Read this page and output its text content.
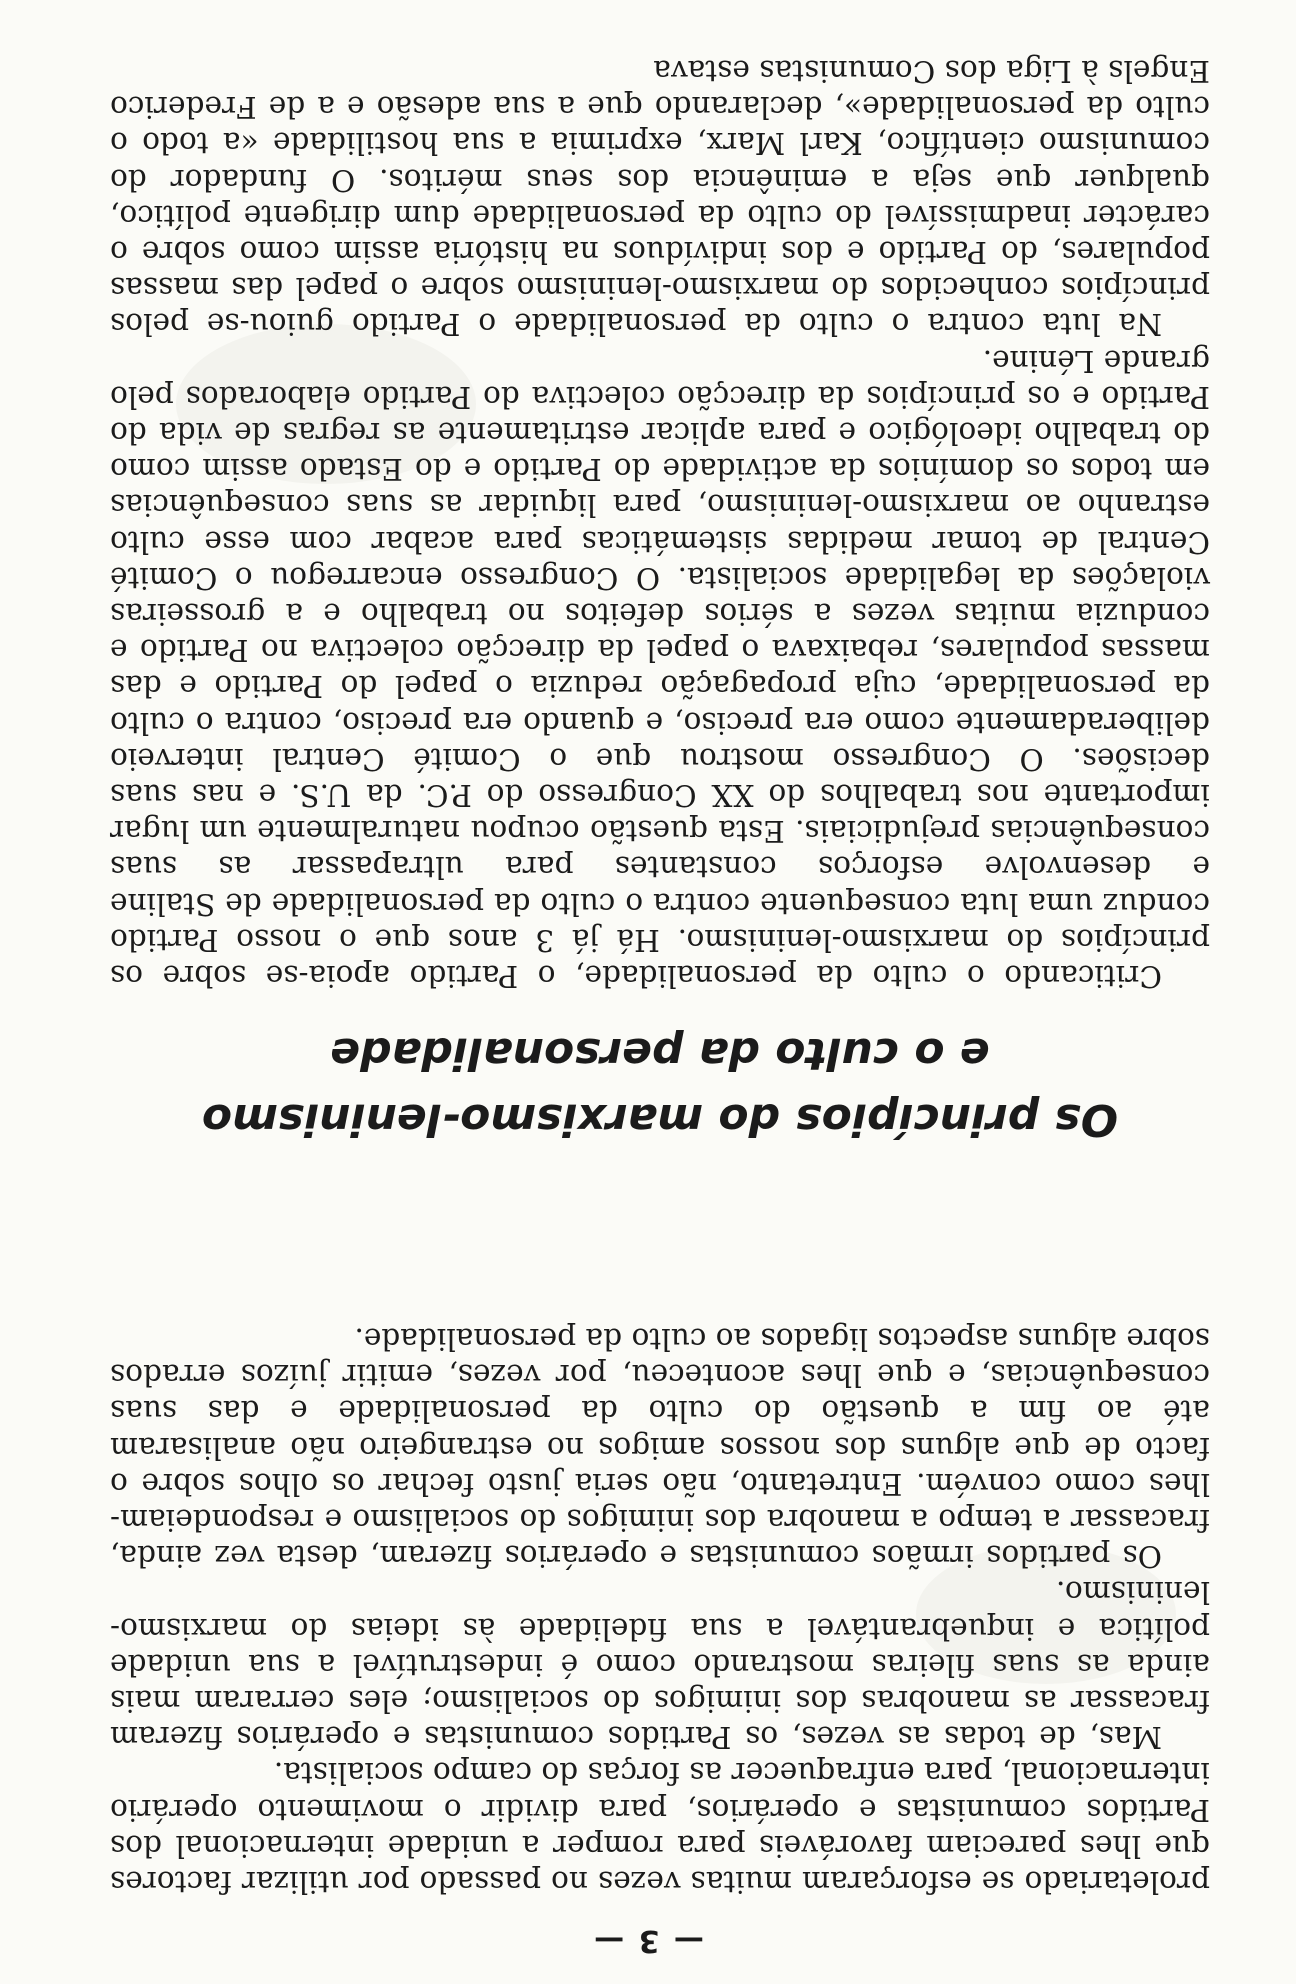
— 3 —

proletariado se esforçaram muitas vezes no passado por utilizar factores que lhes pareciam favoráveis para romper a unidade internacional dos Partidos comunistas e operários, para dividir o movimento operário internacional, para enfraquecer as forças do campo socialista.

Mas, de todas as vezes, os Partidos comunistas e operários fizeram fracassar as manobras dos inimigos do socialismo; eles cerraram mais ainda as suas fileiras mostrando como é indestrutível a sua unidade política e inquebrantável a sua fidelidade às ideias do marxismo-leninismo.

Os partidos irmãos comunistas e operários fizeram, desta vez ainda, fracassar a tempo a manobra dos inimigos do socialismo e respondeiam-lhes como convém. Entretanto, não seria justo fechar os olhos sobre o facto de que alguns dos nossos amigos no estrangeiro não analisaram até ao fim a questão do culto da personalidade e das suas consequências, e que lhes aconteceu, por vezes, emitir juízos errados sobre alguns aspectos ligados ao culto da personalidade.

Os princípios do marxismo-leninismo
e o culto da personalidade

Criticando o culto da personalidade, o Partido apoia-se sobre os princípios do marxismo-leninismo. Há já 3 anos que o nosso Partido conduz uma luta consequente contra o culto da personalidade de Staline e desenvolve esforços constantes para ultrapassar as suas consequências prejudiciais. Esta questão ocupou naturalmente um lugar importante nos trabalhos do XX Congresso do P.C. da U.S. e nas suas decisões. O Congresso mostrou que o Comité Central interveio deliberadamente como era preciso, e quando era preciso, contra o culto da personalidade, cuja propagação reduzia o papel do Partido e das massas populares, rebaixava o papel da direcção colectiva no Partido e conduzia muitas vezes a sérios defeitos no trabalho e a grosseiras violações da legalidade socialista. O Congresso encarregou o Comité Central de tomar medidas sistemáticas para acabar com esse culto estranho ao marxismo-leninismo, para liquidar as suas consequências em todos os domínios da actividade do Partido e do Estado assim como do trabalho ideológico e para aplicar estritamente as regras de vida do Partido e os princípios da direcção colectiva do Partido elaborados pelo grande Lénine.

Na luta contra o culto da personalidade o Partido guiou-se pelos princípios conhecidos do marxismo-leninismo sobre o papel das massas populares, do Partido e dos indivíduos na história assim como sobre o carácter inadmissível do culto da personalidade dum dirigente político, qualquer que seja a eminência dos seus méritos. O fundador do comunismo científico, Karl Marx, exprimia a sua hostilidade «a todo o culto da personalidade», declarando que a sua adesão e a de Frederico Engels à Liga dos Comunistas estava
